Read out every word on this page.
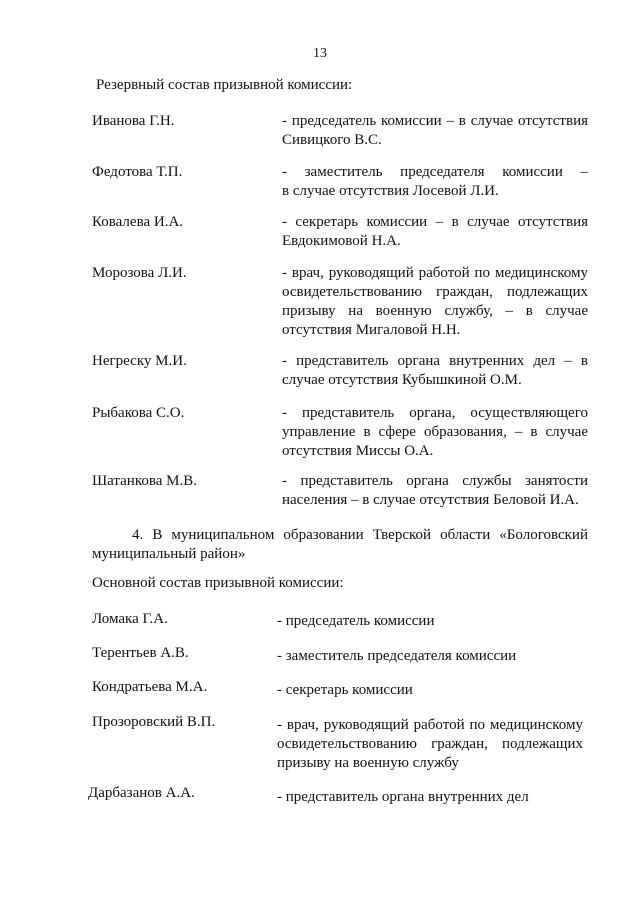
13
Резервный состав призывной комиссии:
Иванова Г.Н.	- председатель комиссии – в случае отсутствия
Сивицкого В.С.
Федотова Т.П.	- заместитель председателя комиссии –
в случае отсутствия Лосевой Л.И.
Ковалева И.А.	- секретарь комиссии – в случае отсутствия
Евдокимовой Н.А.
Морозова Л.И.	- врач, руководящий работой по медицинскому
освидетельствованию граждан, подлежащих
призыву на военную службу, – в случае
отсутствия Мигаловой Н.Н.
Негреску М.И.	- представитель органа внутренних дел – в
случае отсутствия Кубышкиной О.М.
Рыбакова С.О.	- представитель органа, осуществляющего
управление в сфере образования, – в случае
отсутствия Миссы О.А.
Шатанкова М.В.	- представитель органа службы занятости
населения – в случае отсутствия Беловой И.А.
4. В муниципальном образовании Тверской области «Бологовский
муниципальный район»
Основной состав призывной комиссии:
Ломака Г.А.	- председатель комиссии
Терентьев А.В.	- заместитель председателя комиссии
Кондратьева М.А.	- секретарь комиссии
Прозоровский В.П.	- врач, руководящий работой по медицинскому
освидетельствованию граждан, подлежащих
призыву на военную службу
Дарбазанов А.А.	- представитель органа внутренних дел
